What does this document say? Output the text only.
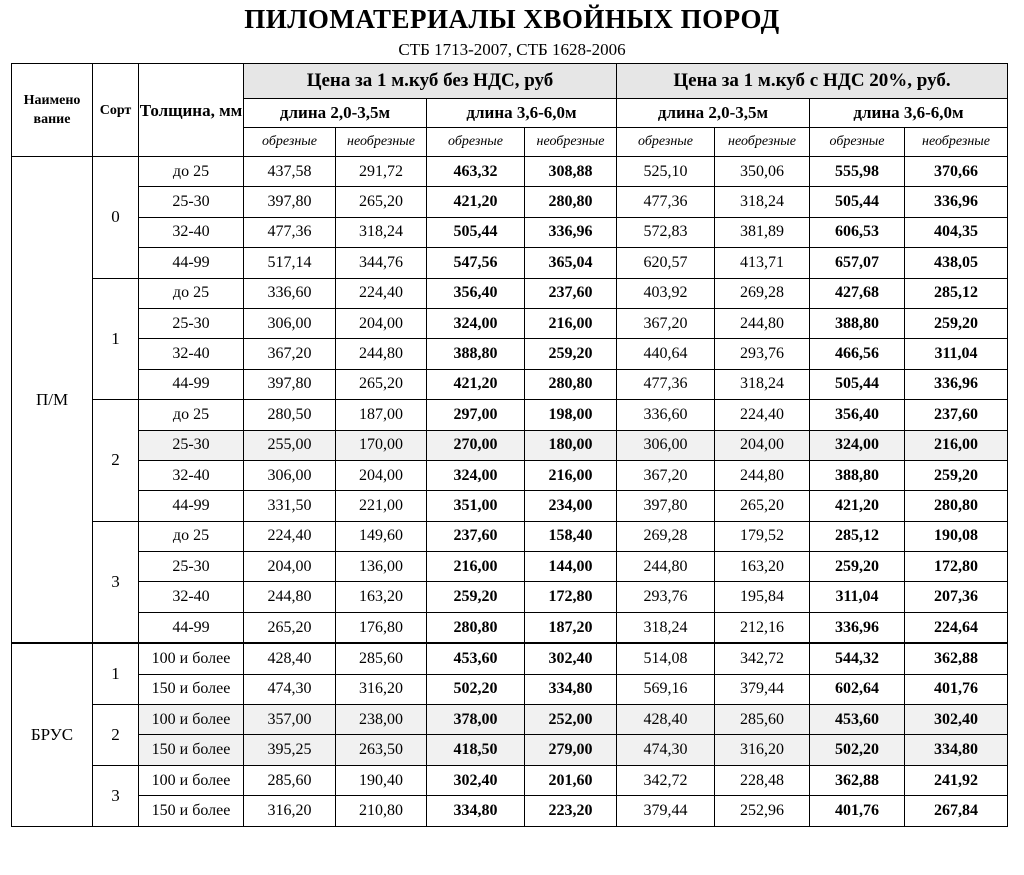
ПИЛОМАТЕРИАЛЫ ХВОЙНЫХ ПОРОД
СТБ 1713-2007, СТБ 1628-2006
Наимено вание	Сорт	Толщина, мм	Цена за 1 м.куб без НДС, руб				Цена за 1 м.куб с НДС 20%, руб.			
			длина 2,0-3,5м		длина 3,6-6,0м		длина 2,0-3,5м		длина 3,6-6,0м	
			обрезные	необрезные	обрезные	необрезные	обрезные	необрезные	обрезные	необрезные
П/М	0	до 25	437,58	291,72	463,32	308,88	525,10	350,06	555,98	370,66
		25-30	397,80	265,20	421,20	280,80	477,36	318,24	505,44	336,96
		32-40	477,36	318,24	505,44	336,96	572,83	381,89	606,53	404,35
		44-99	517,14	344,76	547,56	365,04	620,57	413,71	657,07	438,05
	1	до 25	336,60	224,40	356,40	237,60	403,92	269,28	427,68	285,12
		25-30	306,00	204,00	324,00	216,00	367,20	244,80	388,80	259,20
		32-40	367,20	244,80	388,80	259,20	440,64	293,76	466,56	311,04
		44-99	397,80	265,20	421,20	280,80	477,36	318,24	505,44	336,96
	2	до 25	280,50	187,00	297,00	198,00	336,60	224,40	356,40	237,60
		25-30	255,00	170,00	270,00	180,00	306,00	204,00	324,00	216,00
		32-40	306,00	204,00	324,00	216,00	367,20	244,80	388,80	259,20
		44-99	331,50	221,00	351,00	234,00	397,80	265,20	421,20	280,80
	3	до 25	224,40	149,60	237,60	158,40	269,28	179,52	285,12	190,08
		25-30	204,00	136,00	216,00	144,00	244,80	163,20	259,20	172,80
		32-40	244,80	163,20	259,20	172,80	293,76	195,84	311,04	207,36
		44-99	265,20	176,80	280,80	187,20	318,24	212,16	336,96	224,64
БРУС	1	100 и более	428,40	285,60	453,60	302,40	514,08	342,72	544,32	362,88
		150 и более	474,30	316,20	502,20	334,80	569,16	379,44	602,64	401,76
	2	100 и более	357,00	238,00	378,00	252,00	428,40	285,60	453,60	302,40
		150 и более	395,25	263,50	418,50	279,00	474,30	316,20	502,20	334,80
	3	100 и более	285,60	190,40	302,40	201,60	342,72	228,48	362,88	241,92
		150 и более	316,20	210,80	334,80	223,20	379,44	252,96	401,76	267,84
